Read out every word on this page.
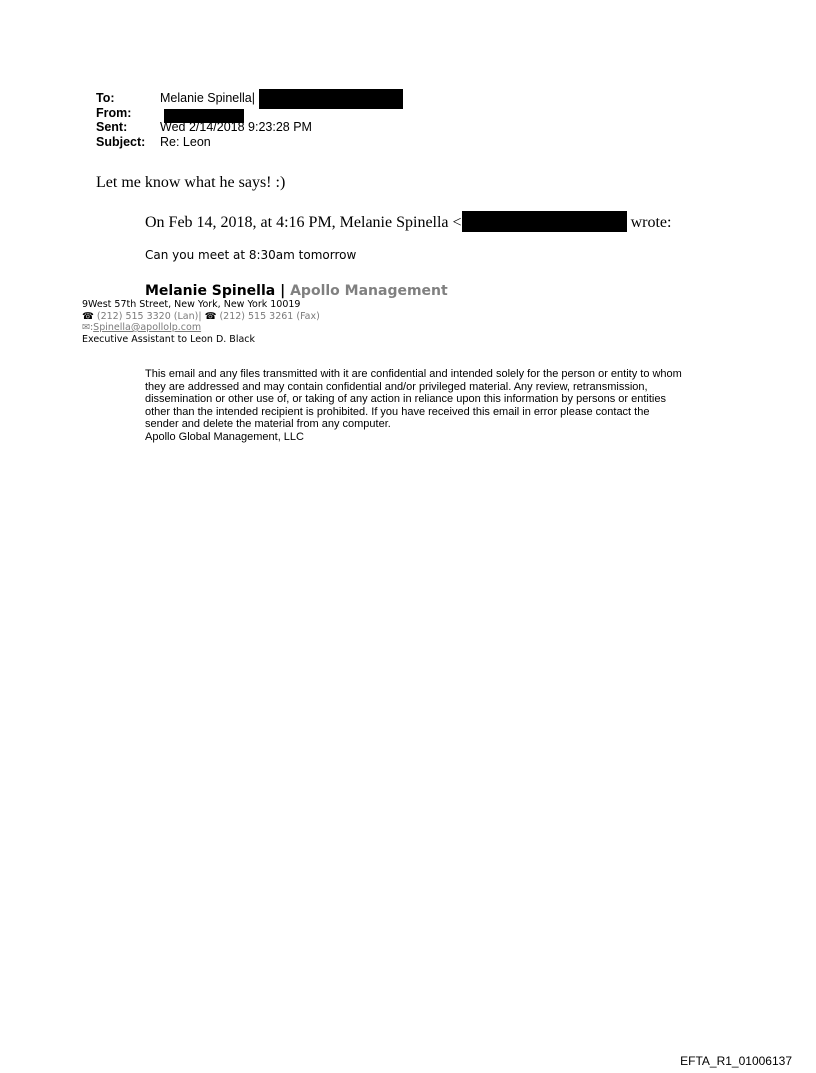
To:	Melanie Spinella|
From:
Sent:	Wed 2/14/2018 9:23:28 PM
Subject: Re: Leon
Let me know what he says! :)
On Feb 14, 2018, at 4:16 PM, Melanie Spinella <	wrote:
Can you meet at 8:30am tomorrow
Melanie Spinella | Apollo Management
9West 57th Street, New York, New York 10019
☎ (212) 515 3320 (Lan)| ☎ (212) 515 3261 (Fax)
✉:Spinella@apollolp.com
Executive Assistant to Leon D. Black

This email and any files transmitted with it are confidential and intended solely for the person or entity to whom they are addressed and may contain confidential and/or privileged material. Any review, retransmission, dissemination or other use of, or taking of any action in reliance upon this information by persons or entities other than the intended recipient is prohibited. If you have received this email in error please contact the sender and delete the material from any computer.

Apollo Global Management, LLC

EFTA_R1_01006137
